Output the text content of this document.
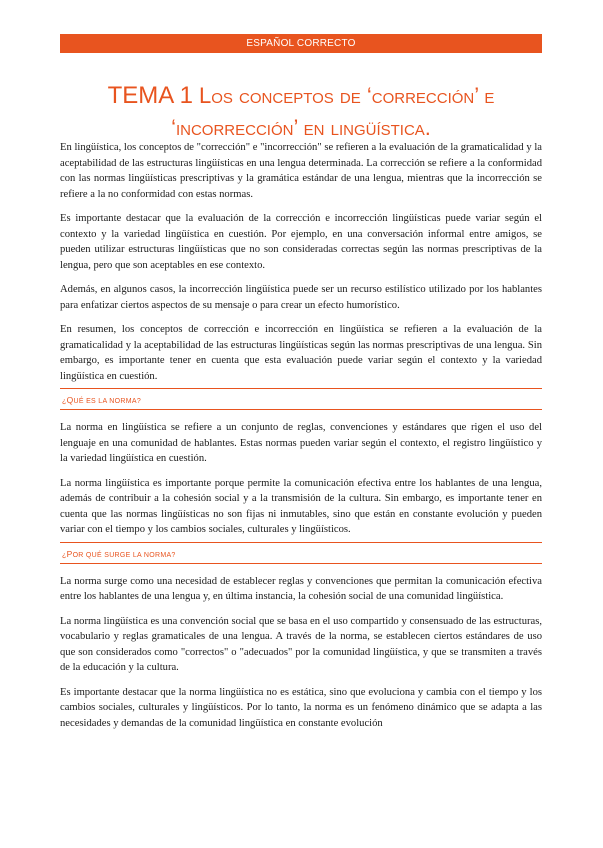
ESPAÑOL CORRECTO
TEMA 1 Los conceptos de ‘corrección’ e
‘incorrección’ en lingüística.

En lingüística, los conceptos de "corrección" e "incorrección" se refieren a la evaluación de la gramaticalidad y la aceptabilidad de las estructuras lingüísticas en una lengua determinada. La corrección se refiere a la conformidad con las normas lingüísticas prescriptivas y la gramática estándar de una lengua, mientras que la incorrección se refiere a la no conformidad con estas normas.

Es importante destacar que la evaluación de la corrección e incorrección lingüísticas puede variar según el contexto y la variedad lingüística en cuestión. Por ejemplo, en una conversación informal entre amigos, se pueden utilizar estructuras lingüísticas que no son consideradas correctas según las normas prescriptivas de la lengua, pero que son aceptables en ese contexto.

Además, en algunos casos, la incorrección lingüística puede ser un recurso estilístico utilizado por los hablantes para enfatizar ciertos aspectos de su mensaje o para crear un efecto humorístico.

En resumen, los conceptos de corrección e incorrección en lingüística se refieren a la evaluación de la gramaticalidad y la aceptabilidad de las estructuras lingüísticas según las normas prescriptivas de una lengua. Sin embargo, es importante tener en cuenta que esta evaluación puede variar según el contexto y la variedad lingüística en cuestión.

¿QUÉ ES LA NORMA?

La norma en lingüística se refiere a un conjunto de reglas, convenciones y estándares que rigen el uso del lenguaje en una comunidad de hablantes. Estas normas pueden variar según el contexto, el registro lingüístico y la variedad lingüística en cuestión.

La norma lingüística es importante porque permite la comunicación efectiva entre los hablantes de una lengua, además de contribuir a la cohesión social y a la transmisión de la cultura. Sin embargo, es importante tener en cuenta que las normas lingüísticas no son fijas ni inmutables, sino que están en constante evolución y pueden variar con el tiempo y los cambios sociales, culturales y lingüísticos.

¿POR QUÉ SURGE LA NORMA?

La norma surge como una necesidad de establecer reglas y convenciones que permitan la comunicación efectiva entre los hablantes de una lengua y, en última instancia, la cohesión social de una comunidad lingüística.

La norma lingüística es una convención social que se basa en el uso compartido y consensuado de las estructuras, vocabulario y reglas gramaticales de una lengua. A través de la norma, se establecen ciertos estándares de uso que son considerados como "correctos" o "adecuados" por la comunidad lingüística, y que se transmiten a través de la educación y la cultura.

Es importante destacar que la norma lingüística no es estática, sino que evoluciona y cambia con el tiempo y los cambios sociales, culturales y lingüísticos. Por lo tanto, la norma es un fenómeno dinámico que se adapta a las necesidades y demandas de la comunidad lingüística en constante evolución
